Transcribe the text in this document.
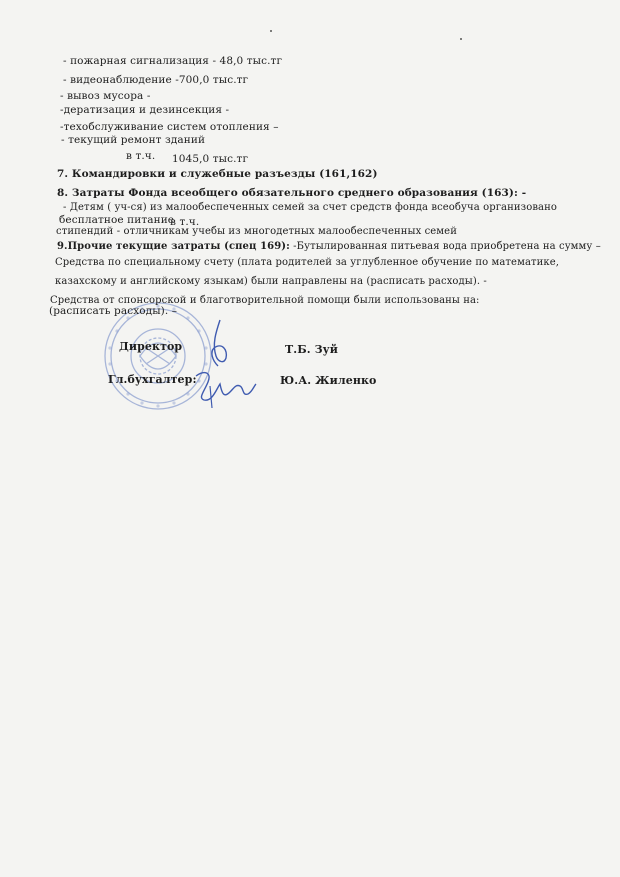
- пожарная сигнализация - 48,0 тыс.тг
- видеонаблюдение -700,0 тыс.тг
- вывоз мусора -
-дератизация и дезинсекция -
-техобслуживание систем отопления –
- текущий ремонт зданий
в т.ч. 1045,0 тыс.тг
7. Командировки и служебные разъезды (161,162)
8. Затраты Фонда всеобщего обязательного среднего образования (163): -
- Детям ( уч-ся) из малообеспеченных семей за счет средств фонда всеобуча организовано
бесплатное питание
в т.ч.
стипендий - отличникам учебы из многодетных малообеспеченных семей
9.Прочие текущие затраты (спец 169): -Бутылированная питьевая вода приобретена на сумму –
Средства по специальному счету (плата родителей за углубленное обучение по математике,
казахскому и английскому языкам) были направлены на (расписать расходы). -
Средства от спонсорской и благотворительной помощи были использованы на:
(расписать расходы). –
Директор	Т.Б. Зуй
Гл.бухгалтер:	Ю.А. Жиленко
